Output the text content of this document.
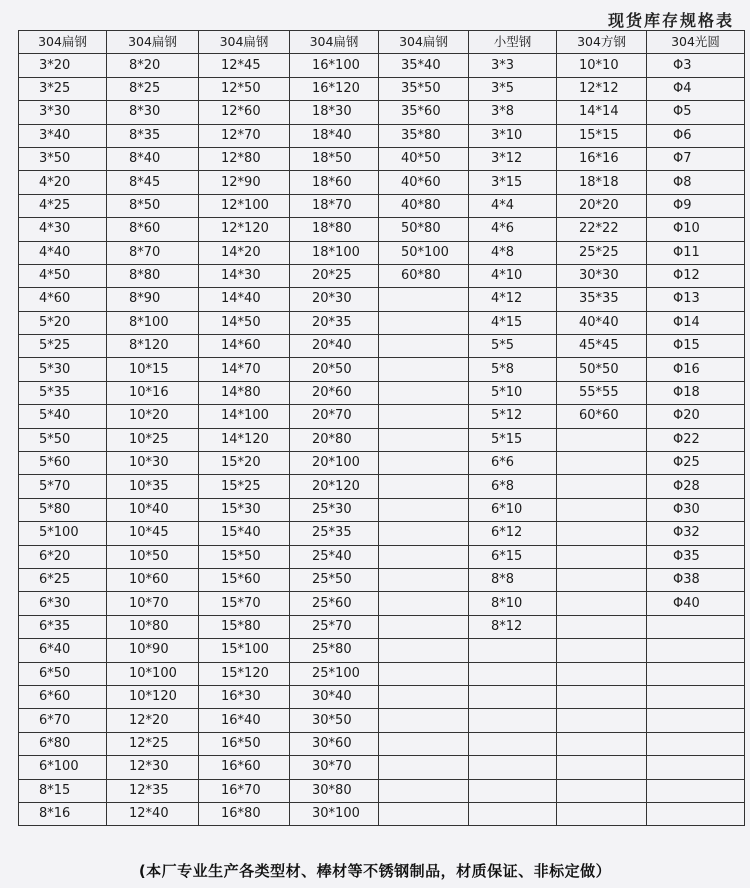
现货库存规格表
304扁钢	304扁钢	304扁钢	304扁钢	304扁钢	小型钢	304方钢	304光圆
3*20	8*20	12*45	16*100	35*40	3*3	10*10	Φ3
3*25	8*25	12*50	16*120	35*50	3*5	12*12	Φ4
3*30	8*30	12*60	18*30	35*60	3*8	14*14	Φ5
3*40	8*35	12*70	18*40	35*80	3*10	15*15	Φ6
3*50	8*40	12*80	18*50	40*50	3*12	16*16	Φ7
4*20	8*45	12*90	18*60	40*60	3*15	18*18	Φ8
4*25	8*50	12*100	18*70	40*80	4*4	20*20	Φ9
4*30	8*60	12*120	18*80	50*80	4*6	22*22	Φ10
4*40	8*70	14*20	18*100	50*100	4*8	25*25	Φ11
4*50	8*80	14*30	20*25	60*80	4*10	30*30	Φ12
4*60	8*90	14*40	20*30		4*12	35*35	Φ13
5*20	8*100	14*50	20*35		4*15	40*40	Φ14
5*25	8*120	14*60	20*40		5*5	45*45	Φ15
5*30	10*15	14*70	20*50		5*8	50*50	Φ16
5*35	10*16	14*80	20*60		5*10	55*55	Φ18
5*40	10*20	14*100	20*70		5*12	60*60	Φ20
5*50	10*25	14*120	20*80		5*15		Φ22
5*60	10*30	15*20	20*100		6*6		Φ25
5*70	10*35	15*25	20*120		6*8		Φ28
5*80	10*40	15*30	25*30		6*10		Φ30
5*100	10*45	15*40	25*35		6*12		Φ32
6*20	10*50	15*50	25*40		6*15		Φ35
6*25	10*60	15*60	25*50		8*8		Φ38
6*30	10*70	15*70	25*60		8*10		Φ40
6*35	10*80	15*80	25*70		8*12		
6*40	10*90	15*100	25*80				
6*50	10*100	15*120	25*100				
6*60	10*120	16*30	30*40				
6*70	12*20	16*40	30*50				
6*80	12*25	16*50	30*60				
6*100	12*30	16*60	30*70				
8*15	12*35	16*70	30*80				
8*16	12*40	16*80	30*100				
(本厂专业生产各类型材、棒材等不锈钢制品，材质保证、非标定做）
